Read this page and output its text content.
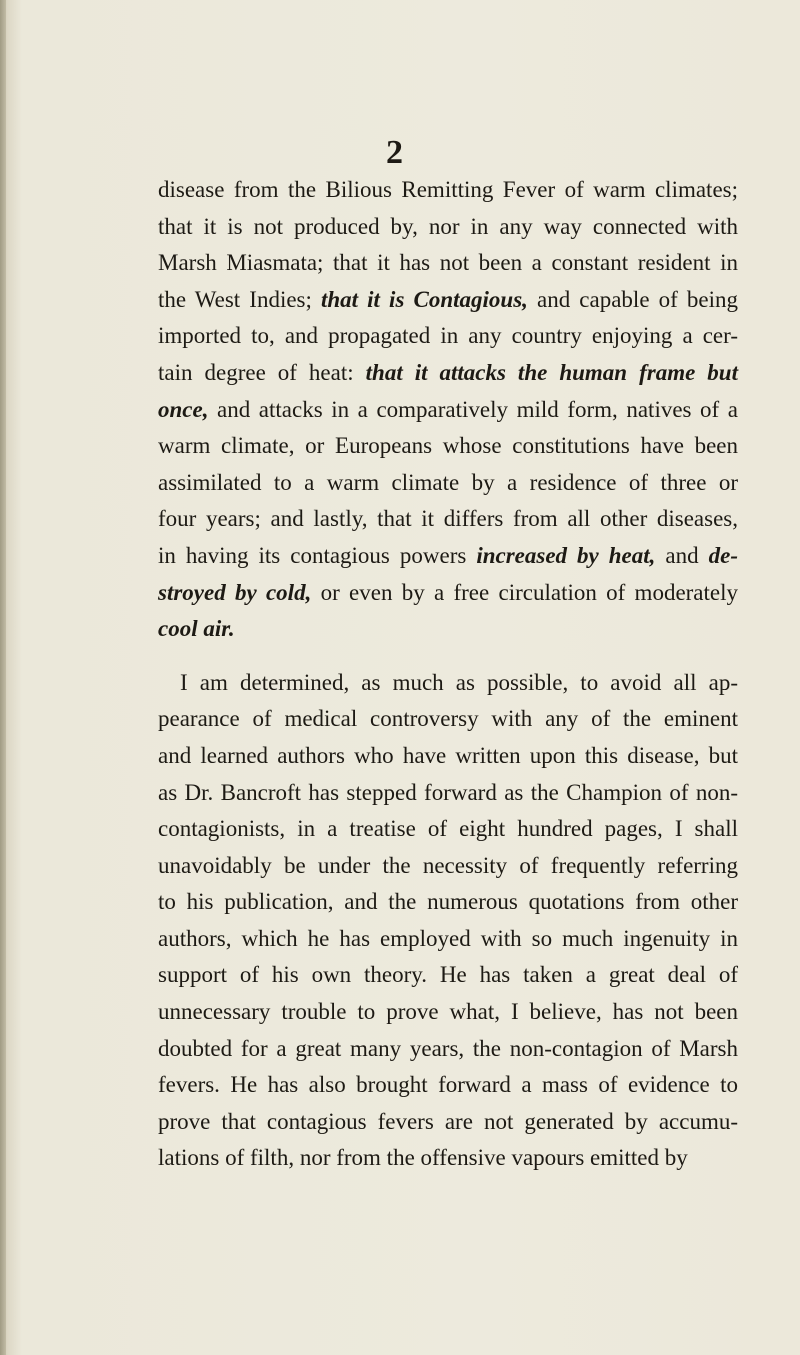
2
disease from the Bilious Remitting Fever of warm climates;
that it is not produced by, nor in any way connected with
Marsh Miasmata; that it has not been a constant resident in
the West Indies; that it is Contagious, and capable of being
imported to, and propagated in any country enjoying a cer-
tain degree of heat: that it attacks the human frame but
once, and attacks in a comparatively mild form, natives of a
warm climate, or Europeans whose constitutions have been
assimilated to a warm climate by a residence of three or
four years; and lastly, that it differs from all other diseases,
in having its contagious powers increased by heat, and de-
stroyed by cold, or even by a free circulation of moderately
cool air.
I am determined, as much as possible, to avoid all ap-
pearance of medical controversy with any of the eminent
and learned authors who have written upon this disease, but
as Dr. Bancroft has stepped forward as the Champion of non-
contagionists, in a treatise of eight hundred pages, I shall
unavoidably be under the necessity of frequently referring
to his publication, and the numerous quotations from other
authors, which he has employed with so much ingenuity in
support of his own theory. He has taken a great deal of
unnecessary trouble to prove what, I believe, has not been
doubted for a great many years, the non-contagion of Marsh
fevers. He has also brought forward a mass of evidence to
prove that contagious fevers are not generated by accumu-
lations of filth, nor from the offensive vapours emitted by
